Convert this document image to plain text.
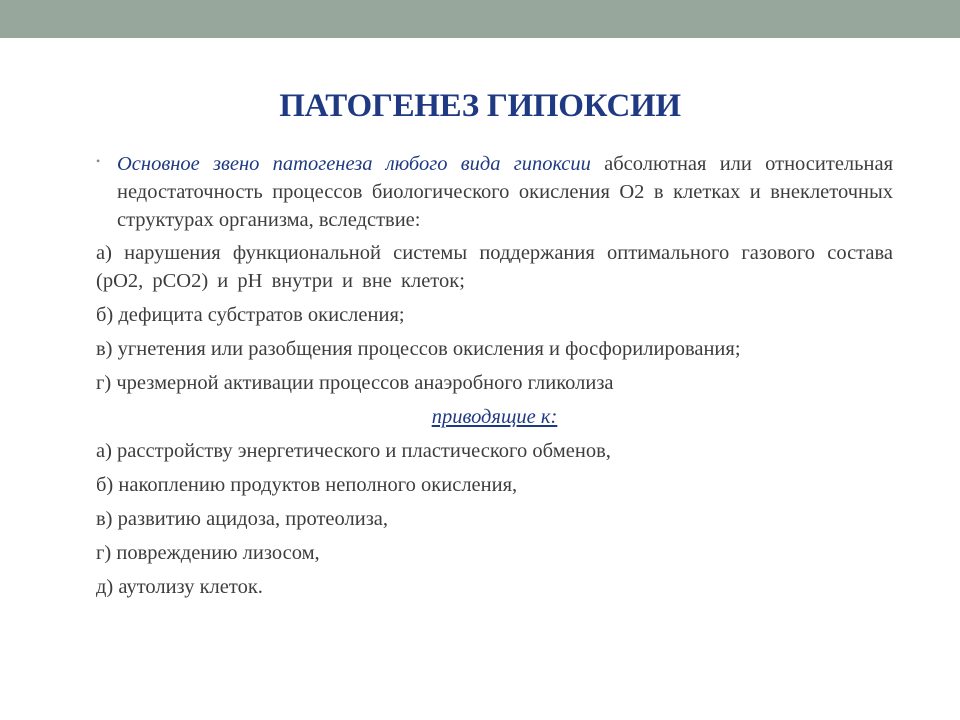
ПАТОГЕНЕЗ ГИПОКСИИ
• Основное звено патогенеза любого вида гипоксии абсолютная или относительная недостаточность процессов биологического окисления О2 в клетках и внеклеточных структурах организма, вследствие:

а) нарушения функциональной системы поддержания оптимального газового состава (рО2, рСО2) и рН внутри и вне клеток;

б) дефицита субстратов окисления;

в) угнетения или разобщения процессов окисления и фосфорилирования;

г) чрезмерной активации процессов анаэробного гликолиза

приводящие к:

а) расстройству энергетического и пластического обменов,

б) накоплению продуктов неполного окисления,

в) развитию ацидоза, протеолиза,

г) повреждению лизосом,

д) аутолизу клеток.
